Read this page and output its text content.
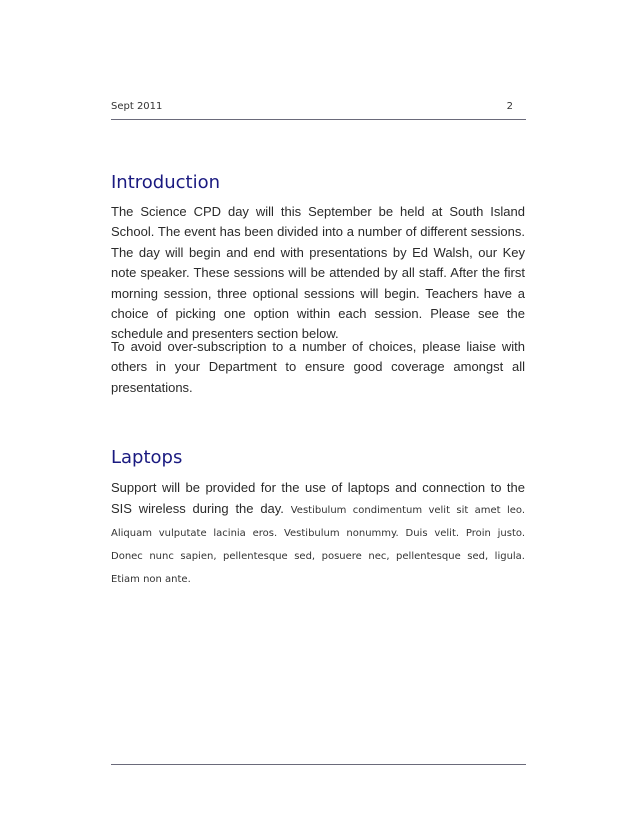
Sept 2011	2
Introduction

The Science CPD day will this September be held at South Island School. The event has been divided into a number of different sessions. The day will begin and end with presentations by Ed Walsh, our Key note speaker. These sessions will be attended by all staff. After the first morning session, three optional sessions will begin. Teachers have a choice of picking one option within each session. Please see the schedule and presenters section below.

To avoid over-subscription to a number of choices, please liaise with others in your Department to ensure good coverage amongst all presentations.

Laptops

Support will be provided for the use of laptops and connection to the SIS wireless during the day. Vestibulum condimentum velit sit amet leo. Aliquam vulputate lacinia eros. Vestibulum nonummy. Duis velit. Proin justo. Donec nunc sapien, pellentesque sed, posuere nec, pellentesque sed, ligula. Etiam non ante.
